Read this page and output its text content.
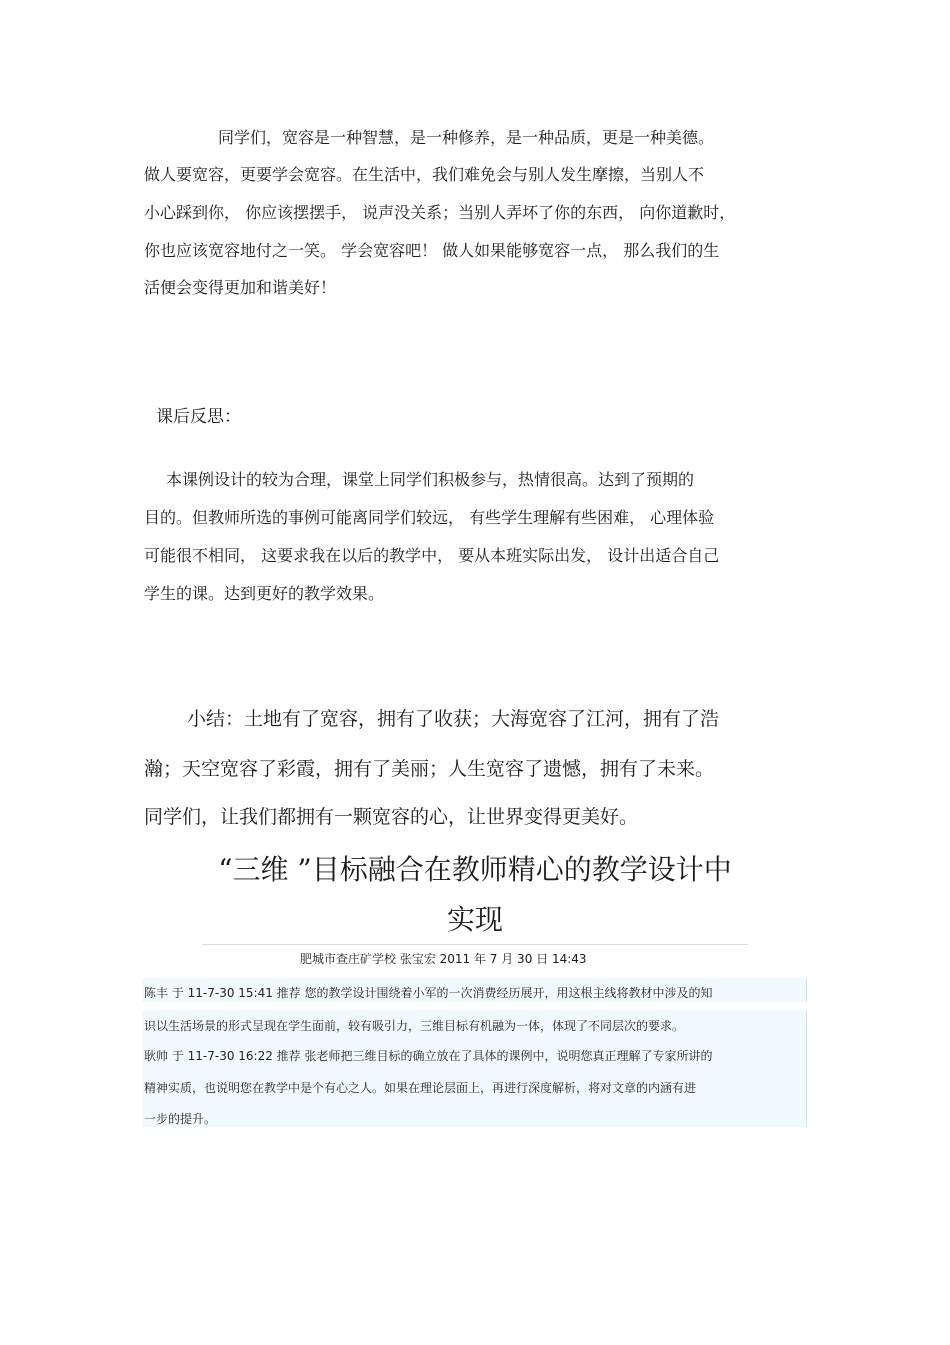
同学们，宽容是一种智慧，是一种修养，是一种品质，更是一种美德。
做人要宽容，更要学会宽容。在生活中，我们难免会与别人发生摩擦，当别人不
小心踩到你， 你应该摆摆手， 说声没关系；当别人弄坏了你的东西， 向你道歉时，
你也应该宽容地付之一笑。 学会宽容吧！ 做人如果能够宽容一点， 那么我们的生
活便会变得更加和谐美好！
课后反思：
本课例设计的较为合理，课堂上同学们积极参与，热情很高。达到了预期的
目的。但教师所选的事例可能离同学们较远， 有些学生理解有些困难， 心理体验
可能很不相同， 这要求我在以后的教学中， 要从本班实际出发， 设计出适合自己
学生的课。达到更好的教学效果。
小结：土地有了宽容，拥有了收获；大海宽容了江河，拥有了浩
瀚；天空宽容了彩霞，拥有了美丽；人生宽容了遗憾，拥有了未来。
同学们，让我们都拥有一颗宽容的心，让世界变得更美好。
“三维 ”目标融合在教师精心的教学设计中
实现
肥城市查庄矿学校 张宝宏 2011 年 7 月 30 日 14:43
陈丰 于 11-7-30 15:41 推荐 您的教学设计围绕着小军的一次消费经历展开，用这根主线将教材中涉及的知
识以生活场景的形式呈现在学生面前，较有吸引力，三维目标有机融为一体，体现了不同层次的要求。
耿帅 于 11-7-30 16:22 推荐 张老师把三维目标的确立放在了具体的课例中，说明您真正理解了专家所讲的
精神实质，也说明您在教学中是个有心之人。如果在理论层面上，再进行深度解析，将对文章的内涵有进
一步的提升。
